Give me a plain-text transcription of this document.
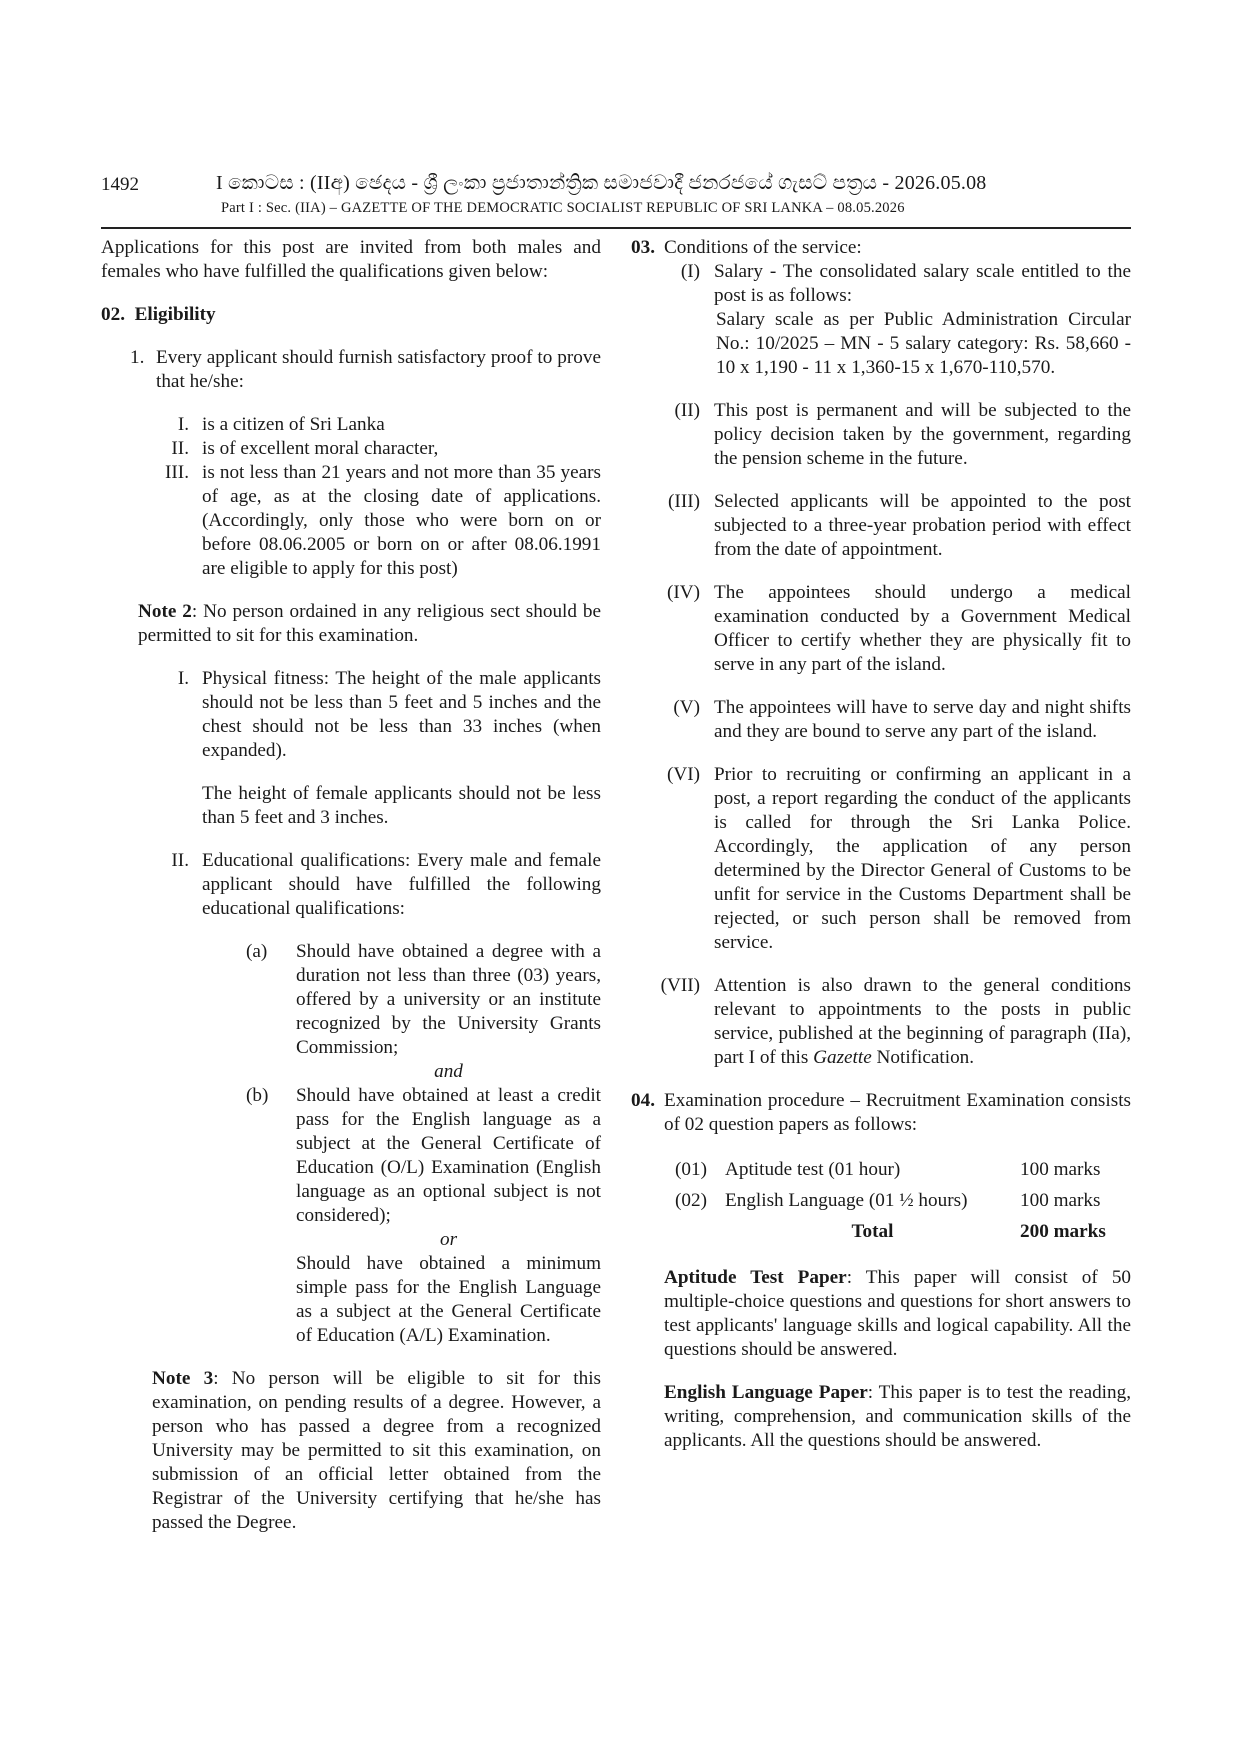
1492	I කොටස : (IIඅ) ඡෙදය - ශ්‍රී ලංකා ප්‍රජාතාන්ත්‍රික සමාජවාදී ජනරජයේ ගැසට් පත්‍රය - 2026.05.08
Part I : Sec. (IIA) – GAZETTE OF THE DEMOCRATIC SOCIALIST REPUBLIC OF SRI LANKA – 08.05.2026

Applications for this post are invited from both males and females who have fulfilled the qualifications given below:

02.  Eligibility

1. Every applicant should furnish satisfactory proof to prove that he/she:
I. is a citizen of Sri Lanka
II. is of excellent moral character,
III. is not less than 21 years and not more than 35 years of age, as at the closing date of applications. (Accordingly, only those who were born on or before 08.06.2005 or born on or after 08.06.1991 are eligible to apply for this post)

Note 2: No person ordained in any religious sect should be permitted to sit for this examination.

I. Physical fitness: The height of the male applicants should not be less than 5 feet and 5 inches and the chest should not be less than 33 inches (when expanded).

The height of female applicants should not be less than 5 feet and 3 inches.

II. Educational qualifications: Every male and female applicant should have fulfilled the following educational qualifications:
(a)	Should have obtained a degree with a duration not less than three (03) years, offered by a university or an institute recognized by the University Grants Commission;

and

(b)	Should have obtained at least a credit pass for the English language as a subject at the General Certificate of Education (O/L) Examination (English language as an optional subject is not considered);

or

Should have obtained a minimum simple pass for the English Language as a subject at the General Certificate of Education (A/L) Examination.

Note 3: No person will be eligible to sit for this examination, on pending results of a degree. However, a person who has passed a degree from a recognized University may be permitted to sit this examination, on submission of an official letter obtained from the Registrar of the University certifying that he/she has passed the Degree.

03. Conditions of the service:
(I) Salary - The consolidated salary scale entitled to the post is as follows:

Salary scale as per Public Administration Circular No.: 10/2025 – MN - 5 salary category: Rs. 58,660 - 10 x 1,190 - 11 x 1,360-15 x 1,670-110,570.
(II) This post is permanent and will be subjected to the policy decision taken by the government, regarding the pension scheme in the future.
(III) Selected applicants will be appointed to the post subjected to a three-year probation period with effect from the date of appointment.
(IV) The appointees should undergo a medical examination conducted by a Government Medical Officer to certify whether they are physically fit to serve in any part of the island.
(V) The appointees will have to serve day and night shifts and they are bound to serve any part of the island.
(VI) Prior to recruiting or confirming an applicant in a post, a report regarding the conduct of the applicants is called for through the Sri Lanka Police. Accordingly, the application of any person determined by the Director General of Customs to be unfit for service in the Customs Department shall be rejected, or such person shall be removed from service.
(VII) Attention is also drawn to the general conditions relevant to appointments to the posts in public service, published at the beginning of paragraph (IIa), part I of this Gazette Notification.
04. Examination procedure – Recruitment Examination consists of 02 question papers as follows:
(01)	Aptitude test (01 hour)	100 marks
(02)	English Language (01 ½ hours)	100 marks
	Total	200 marks

Aptitude Test Paper: This paper will consist of 50 multiple-choice questions and questions for short answers to test applicants' language skills and logical capability. All the questions should be answered.

English Language Paper: This paper is to test the reading, writing, comprehension, and communication skills of the applicants. All the questions should be answered.
